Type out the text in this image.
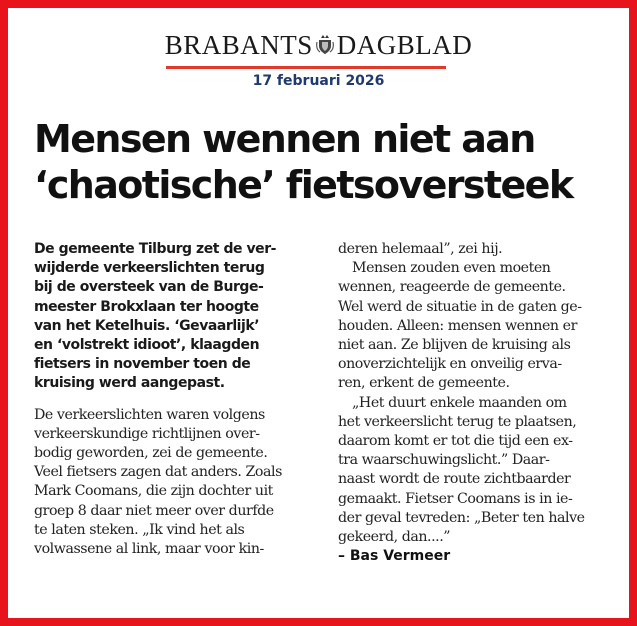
BRABANTS DAGBLAD
17 februari 2026
Mensen wennen niet aan
‘chaotische’ fietsoversteek

De gemeente Tilburg zet de ver-
wijderde verkeerslichten terug
bij de oversteek van de Burge-
meester Brokxlaan ter hoogte
van het Ketelhuis. ‘Gevaarlijk’
en ‘volstrekt idioot’, klaagden
fietsers in november toen de
kruising werd aangepast.

De verkeerslichten waren volgens
verkeerskundige richtlijnen over-
bodig geworden, zei de gemeente.
Veel fietsers zagen dat anders. Zoals
Mark Coomans, die zijn dochter uit
groep 8 daar niet meer over durfde
te laten steken. „Ik vind het als
volwassene al link, maar voor kin-

deren helemaal”, zei hij.
Mensen zouden even moeten
wennen, reageerde de gemeente.
Wel werd de situatie in de gaten ge-
houden. Alleen: mensen wennen er
niet aan. Ze blijven de kruising als
onoverzichtelijk en onveilig erva-
ren, erkent de gemeente.
„Het duurt enkele maanden om
het verkeerslicht terug te plaatsen,
daarom komt er tot die tijd een ex-
tra waarschuwingslicht.” Daar-
naast wordt de route zichtbaarder
gemaakt. Fietser Coomans is in ie-
der geval tevreden: „Beter ten halve
gekeerd, dan....”

– Bas Vermeer
